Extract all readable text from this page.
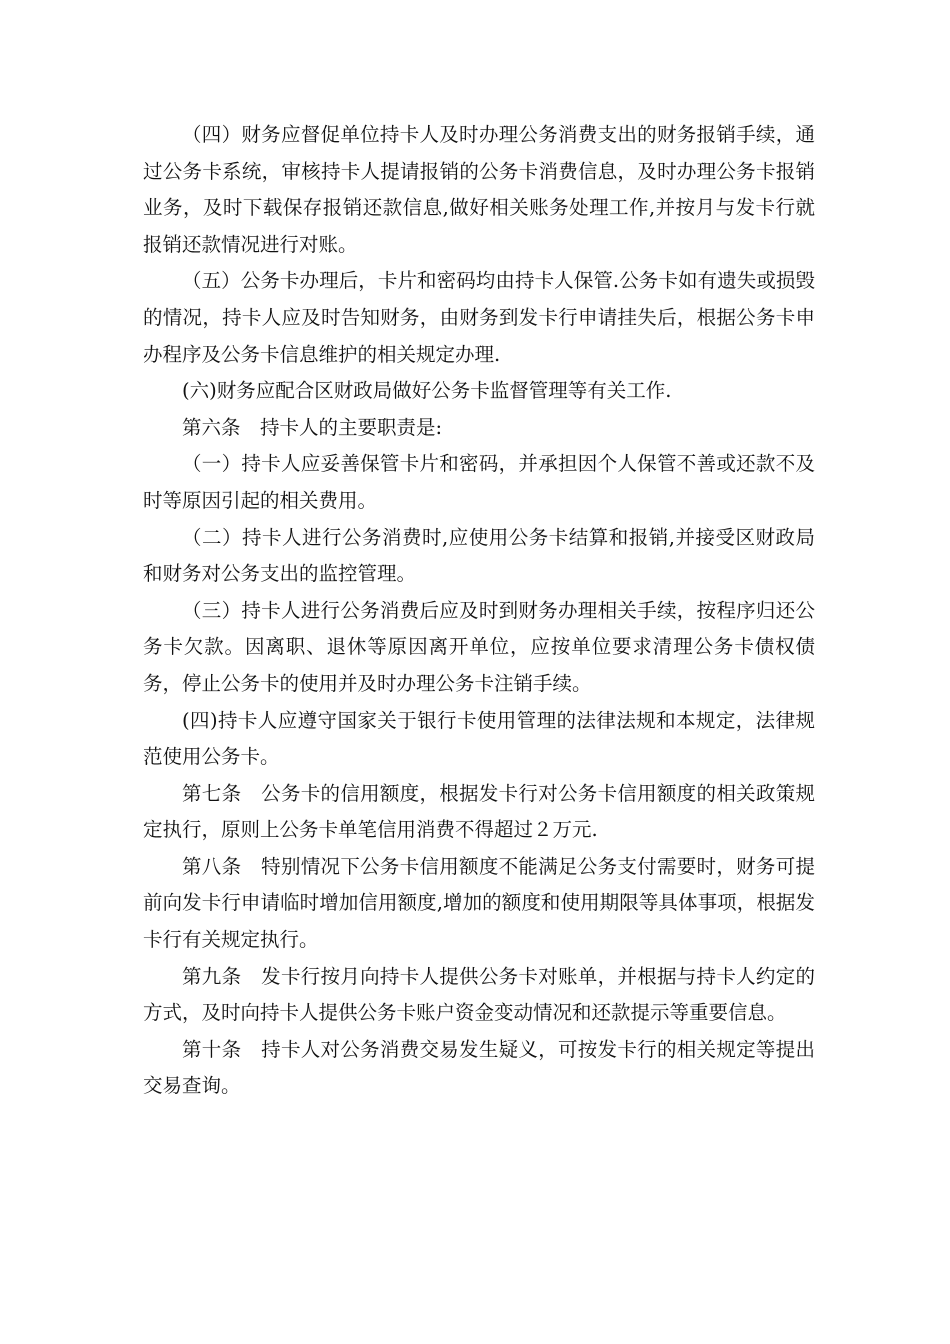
（四）财务应督促单位持卡人及时办理公务消费支出的财务报销手续，通过公务卡系统，审核持卡人提请报销的公务卡消费信息，及时办理公务卡报销业务，及时下载保存报销还款信息,做好相关账务处理工作,并按月与发卡行就报销还款情况进行对账。

（五）公务卡办理后，卡片和密码均由持卡人保管.公务卡如有遗失或损毁的情况，持卡人应及时告知财务，由财务到发卡行申请挂失后，根据公务卡申办程序及公务卡信息维护的相关规定办理.

(六)财务应配合区财政局做好公务卡监督管理等有关工作.

第六条　持卡人的主要职责是:

（一）持卡人应妥善保管卡片和密码，并承担因个人保管不善或还款不及时等原因引起的相关费用。

（二）持卡人进行公务消费时,应使用公务卡结算和报销,并接受区财政局和财务对公务支出的监控管理。

（三）持卡人进行公务消费后应及时到财务办理相关手续，按程序归还公务卡欠款。因离职、退休等原因离开单位，应按单位要求清理公务卡债权债务，停止公务卡的使用并及时办理公务卡注销手续。

(四)持卡人应遵守国家关于银行卡使用管理的法律法规和本规定，法律规范使用公务卡。

第七条　公务卡的信用额度，根据发卡行对公务卡信用额度的相关政策规定执行，原则上公务卡单笔信用消费不得超过２万元.

第八条　特别情况下公务卡信用额度不能满足公务支付需要时，财务可提前向发卡行申请临时增加信用额度,增加的额度和使用期限等具体事项，根据发卡行有关规定执行。

第九条　发卡行按月向持卡人提供公务卡对账单，并根据与持卡人约定的方式，及时向持卡人提供公务卡账户资金变动情况和还款提示等重要信息。

第十条　持卡人对公务消费交易发生疑义，可按发卡行的相关规定等提出交易查询。
